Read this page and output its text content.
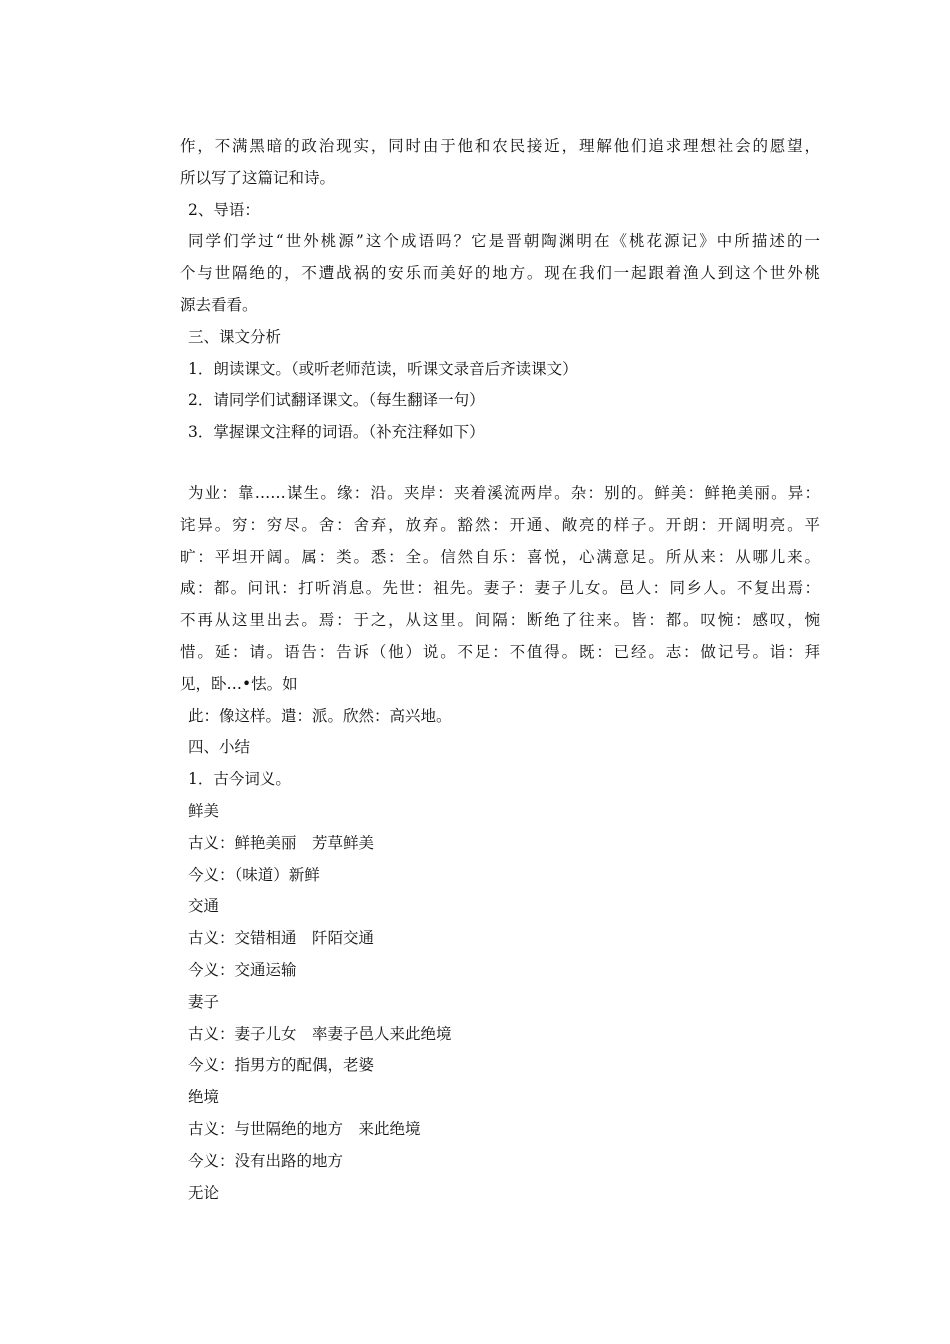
作，不满黑暗的政治现实，同时由于他和农民接近，理解他们追求理想社会的愿望，
所以写了这篇记和诗。
2、导语：
同学们学过“世外桃源”这个成语吗？它是晋朝陶渊明在《桃花源记》中所描述的一
个与世隔绝的，不遭战祸的安乐而美好的地方。现在我们一起跟着渔人到这个世外桃
源去看看。
三、课文分析
1．朗读课文。（或听老师范读，听课文录音后齐读课文）
2．请同学们试翻译课文。（每生翻译一句）
3．掌握课文注释的词语。（补充注释如下）
为业：靠……谋生。缘：沿。夹岸：夹着溪流两岸。杂：别的。鲜美：鲜艳美丽。异：
诧异。穷：穷尽。舍：舍弃，放弃。豁然：开通、敞亮的样子。开朗：开阔明亮。平
旷：平坦开阔。属：类。悉：全。信然自乐：喜悦，心满意足。所从来：从哪儿来。
咸：都。问讯：打听消息。先世：祖先。妻子：妻子儿女。邑人：同乡人。不复出焉：
不再从这里出去。焉：于之，从这里。间隔：断绝了往来。皆：都。叹惋：感叹，惋
惜。延：请。语告：告诉（他）说。不足：不值得。既：已经。志：做记号。诣：拜
见，卧…•怯。如
此：像这样。遣：派。欣然：高兴地。
四、小结
1．古今词义。
鲜美
古义：鲜艳美丽　芳草鲜美
今义：（味道）新鲜
交通
古义：交错相通　阡陌交通
今义：交通运输
妻子
古义：妻子儿女　率妻子邑人来此绝境
今义：指男方的配偶，老婆
绝境
古义：与世隔绝的地方　来此绝境
今义：没有出路的地方
无论
